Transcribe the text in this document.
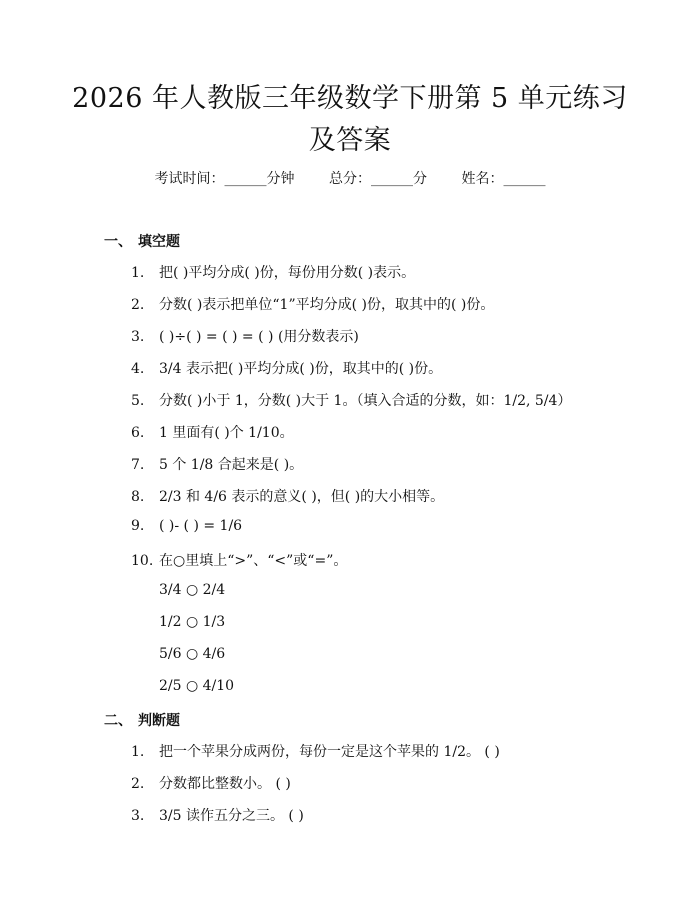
2026 年人教版三年级数学下册第 5 单元练习
及答案
考试时间：______分钟 总分：______分 姓名：______
一、 填空题
1. 把( )平均分成( )份，每份用分数( )表示。
2. 分数( )表示把单位“1”平均分成( )份，取其中的( )份。
3. ( )÷( ) = ( ) = ( ) (用分数表示)
4. 3/4 表示把( )平均分成( )份，取其中的( )份。
5. 分数( )小于 1，分数( )大于 1。（填入合适的分数，如：1/2, 5/4）
6. 1 里面有( )个 1/10。
7. 5 个 1/8 合起来是( )。
8. 2/3 和 4/6 表示的意义( )，但( )的大小相等。
9. ( )- ( ) = 1/6
10. 在○里填上“>”、“<”或“=”。
3/4 ○ 2/4
1/2 ○ 1/3
5/6 ○ 4/6
2/5 ○ 4/10
二、 判断题
1. 把一个苹果分成两份，每份一定是这个苹果的 1/2。 ( )
2. 分数都比整数小。 ( )
3. 3/5 读作五分之三。 ( )
